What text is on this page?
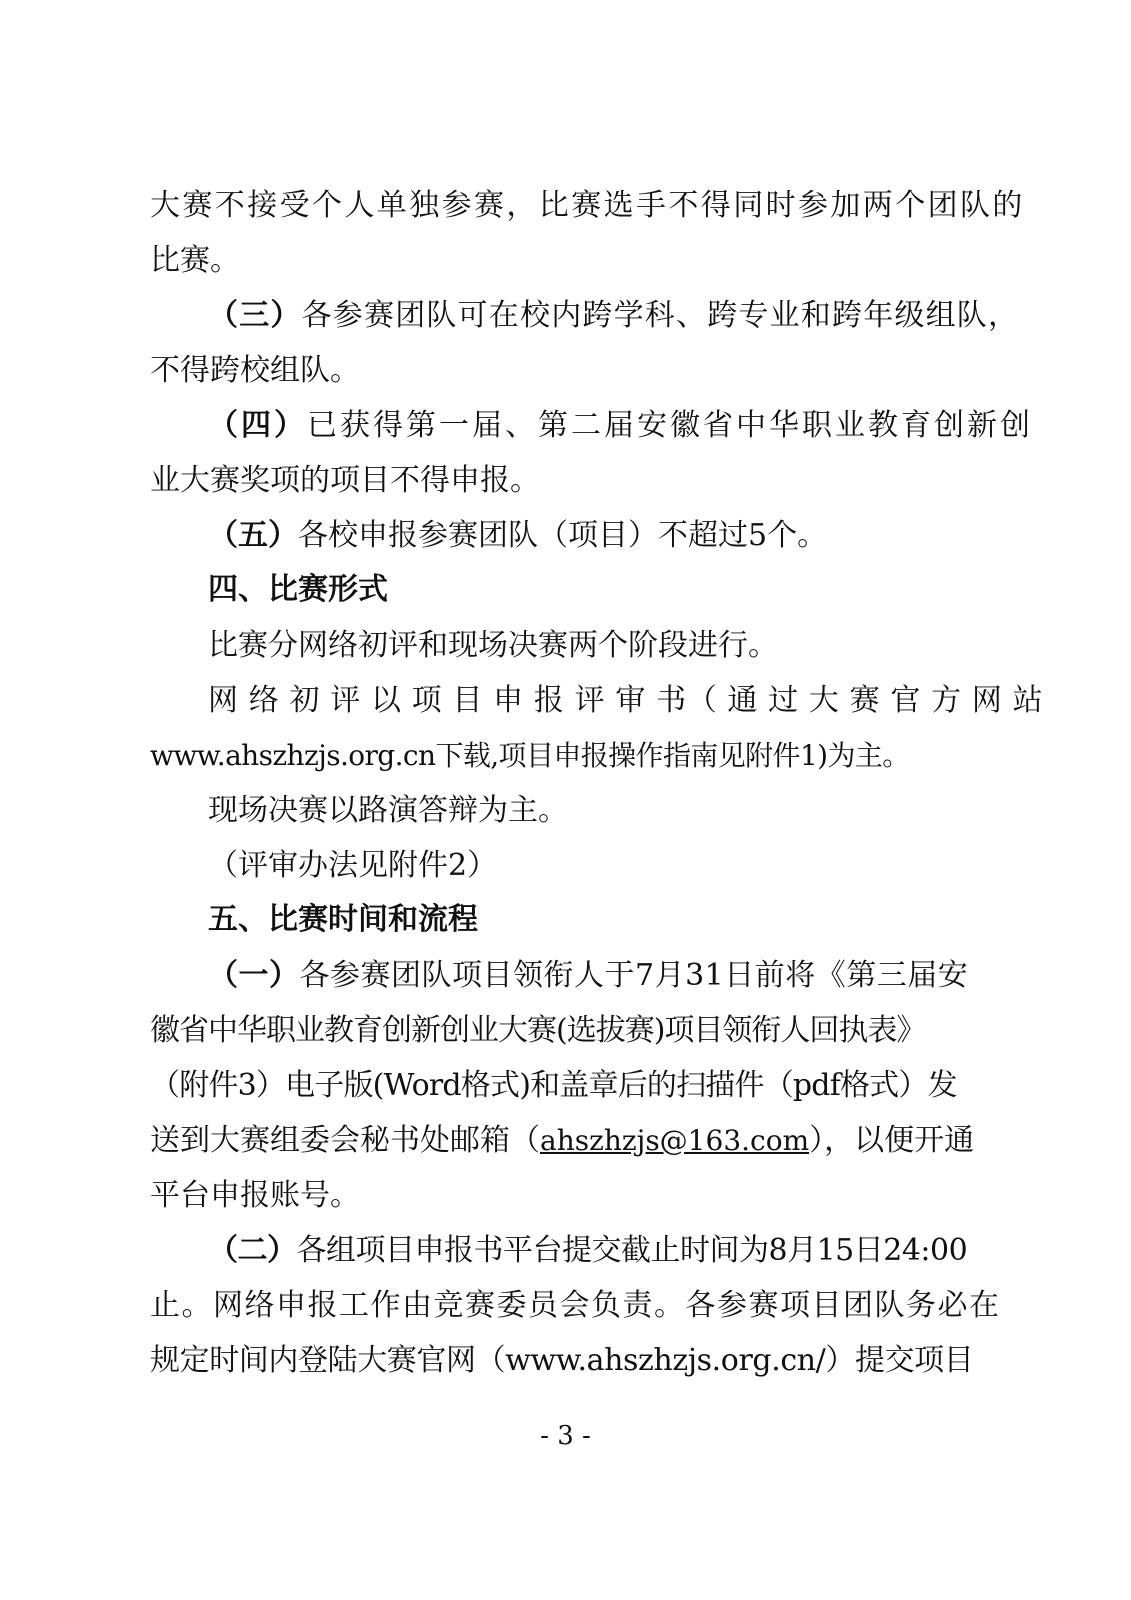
大赛不接受个人单独参赛，比赛选手不得同时参加两个团队的
比赛。
（三）各参赛团队可在校内跨学科、跨专业和跨年级组队，
不得跨校组队。
（四）已获得第一届、第二届安徽省中华职业教育创新创
业大赛奖项的项目不得申报。
（五）各校申报参赛团队（项目）不超过5个。
四、比赛形式
比赛分网络初评和现场决赛两个阶段进行。
网 络 初 评 以 项 目 申 报 评 审 书（ 通 过 大 赛 官 方 网 站
www.ahszhzjs.org.cn下载,项目申报操作指南见附件1)为主。
现场决赛以路演答辩为主。
（评审办法见附件2）
五、比赛时间和流程
（一）各参赛团队项目领衔人于7月31日前将《第三届安
徽省中华职业教育创新创业大赛(选拔赛)项目领衔人回执表》
（附件3）电子版(Word格式)和盖章后的扫描件（pdf格式）发
送到大赛组委会秘书处邮箱（ahszhzjs@163.com），以便开通
平台申报账号。
（二）各组项目申报书平台提交截止时间为8月15日24:00
止。网络申报工作由竞赛委员会负责。各参赛项目团队务必在
规定时间内登陆大赛官网（www.ahszhzjs.org.cn/）提交项目
- 3 -
